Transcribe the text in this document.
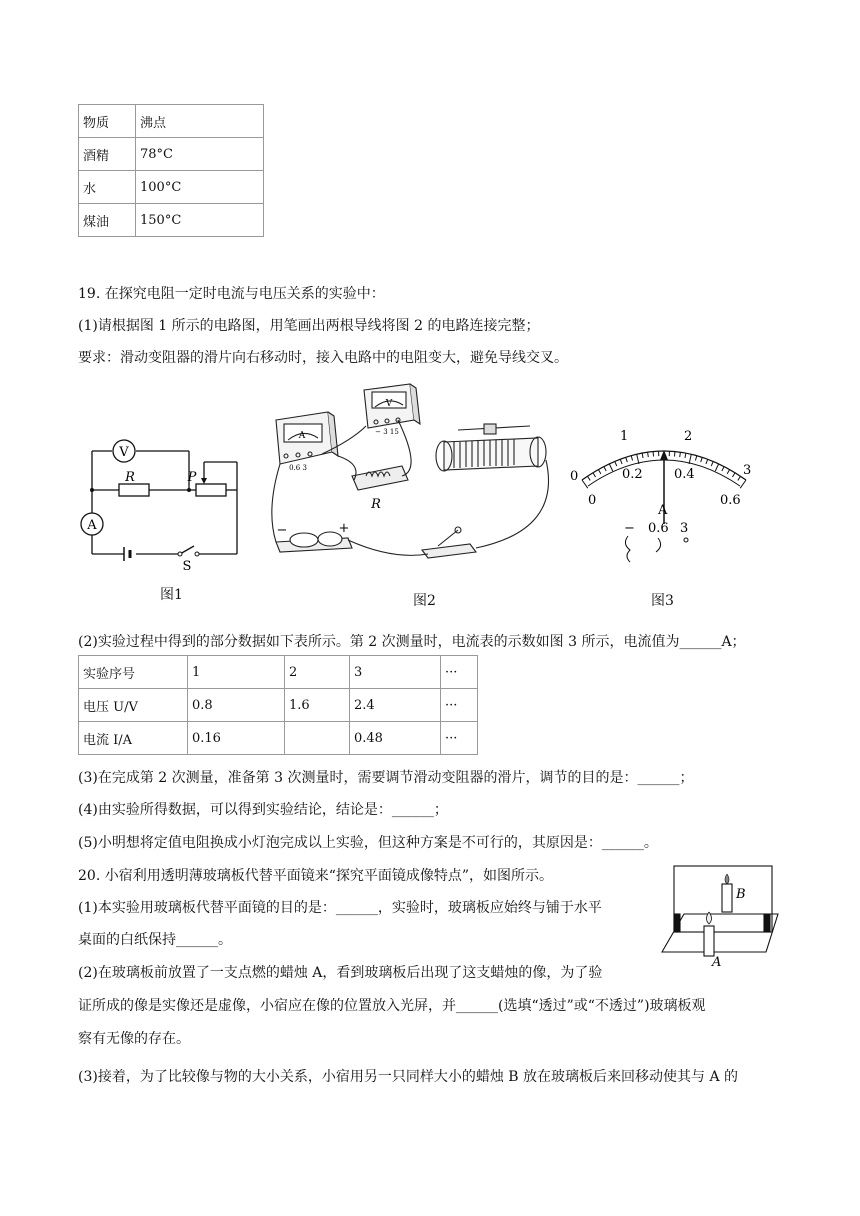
物质	沸点
酒精	78°C
水	100°C
煤油	150°C
19. 在探究电阻一定时电流与电压关系的实验中：
(1)请根据图 1 所示的电路图，用笔画出两根导线将图 2 的电路连接完整；
要求：滑动变阻器的滑片向右移动时，接入电路中的电阻变大，避免导线交叉。
V
A
R	P
S
图1
A
V
0.6 3
− 3 15
R
−	+
图2
0
1	2
3
0
0.2 0.4
0.6
A
− 0.6 3
图3
(2)实验过程中得到的部分数据如下表所示。第 2 次测量时，电流表的示数如图 3 所示，电流值为______A；
实验序号	1	2	3	···
电压 U/V	0.8	1.6	2.4	···
电流 I/A	0.16		0.48	···
(3)在完成第 2 次测量，准备第 3 次测量时，需要调节滑动变阻器的滑片，调节的目的是：______；
(4)由实验所得数据，可以得到实验结论，结论是：______；
(5)小明想将定值电阻换成小灯泡完成以上实验，但这种方案是不可行的，其原因是：______。
20. 小宿利用透明薄玻璃板代替平面镜来“探究平面镜成像特点”，如图所示。
(1)本实验用玻璃板代替平面镜的目的是：______，实验时，玻璃板应始终与铺于水平
桌面的白纸保持______。
(2)在玻璃板前放置了一支点燃的蜡烛 A，看到玻璃板后出现了这支蜡烛的像，为了验
证所成的像是实像还是虚像，小宿应在像的位置放入光屏，并______(选填“透过”或“不透过”)玻璃板观
察有无像的存在。
(3)接着，为了比较像与物的大小关系，小宿用另一只同样大小的蜡烛 B 放在玻璃板后来回移动使其与 A 的
B
A
